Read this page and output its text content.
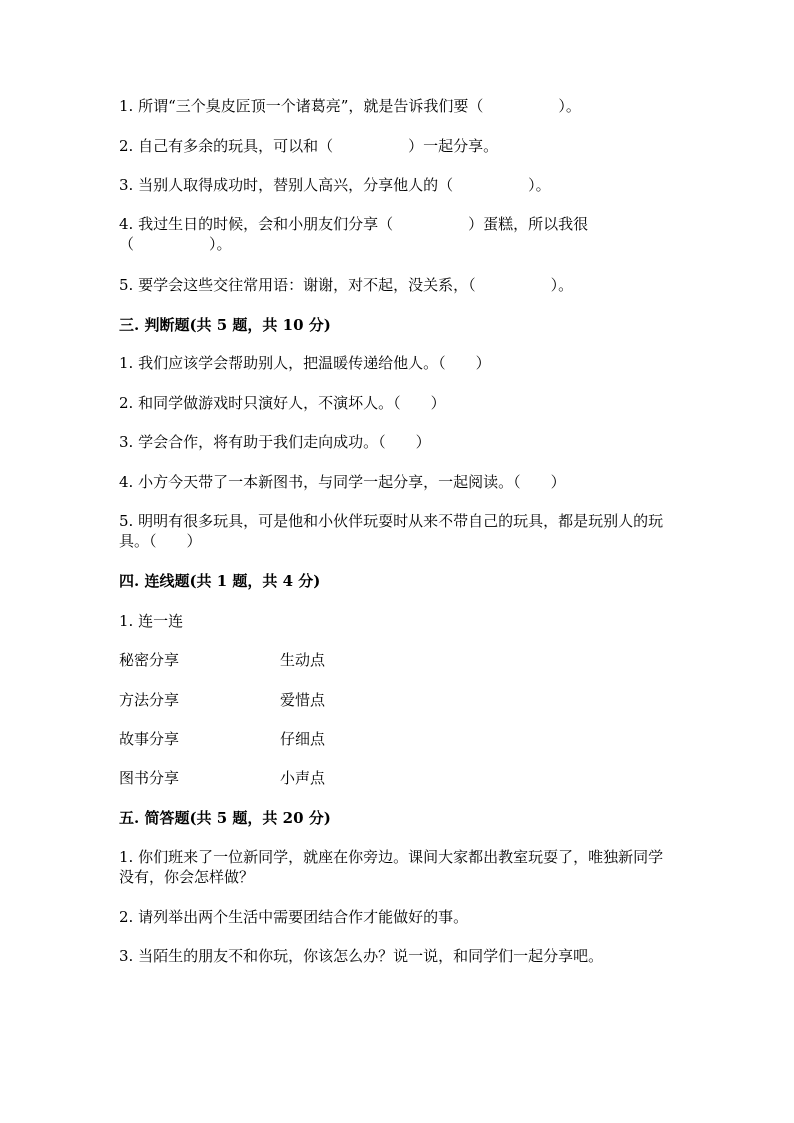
1. 所谓“三个臭皮匠顶一个诸葛亮”，就是告诉我们要（　　　　　）。
2. 自己有多余的玩具，可以和（　　　　　）一起分享。
3. 当别人取得成功时，替别人高兴，分享他人的（　　　　　）。
4. 我过生日的时候，会和小朋友们分享（　　　　　）蛋糕，所以我很（　　　　　）。
5. 要学会这些交往常用语：谢谢，对不起，没关系，（　　　　　）。
三. 判断题(共 5 题，共 10 分)
1. 我们应该学会帮助别人，把温暖传递给他人。（　　）
2. 和同学做游戏时只演好人，不演坏人。（　　）
3. 学会合作，将有助于我们走向成功。（　　）
4. 小方今天带了一本新图书，与同学一起分享，一起阅读。（　　）
5. 明明有很多玩具，可是他和小伙伴玩耍时从来不带自己的玩具，都是玩别人的玩具。（　　）
四. 连线题(共 1 题，共 4 分)
1. 连一连
秘密分享	生动点
方法分享	爱惜点
故事分享	仔细点
图书分享	小声点
五. 简答题(共 5 题，共 20 分)
1. 你们班来了一位新同学，就座在你旁边。课间大家都出教室玩耍了，唯独新同学没有，你会怎样做？
2. 请列举出两个生活中需要团结合作才能做好的事。
3. 当陌生的朋友不和你玩，你该怎么办？说一说，和同学们一起分享吧。
